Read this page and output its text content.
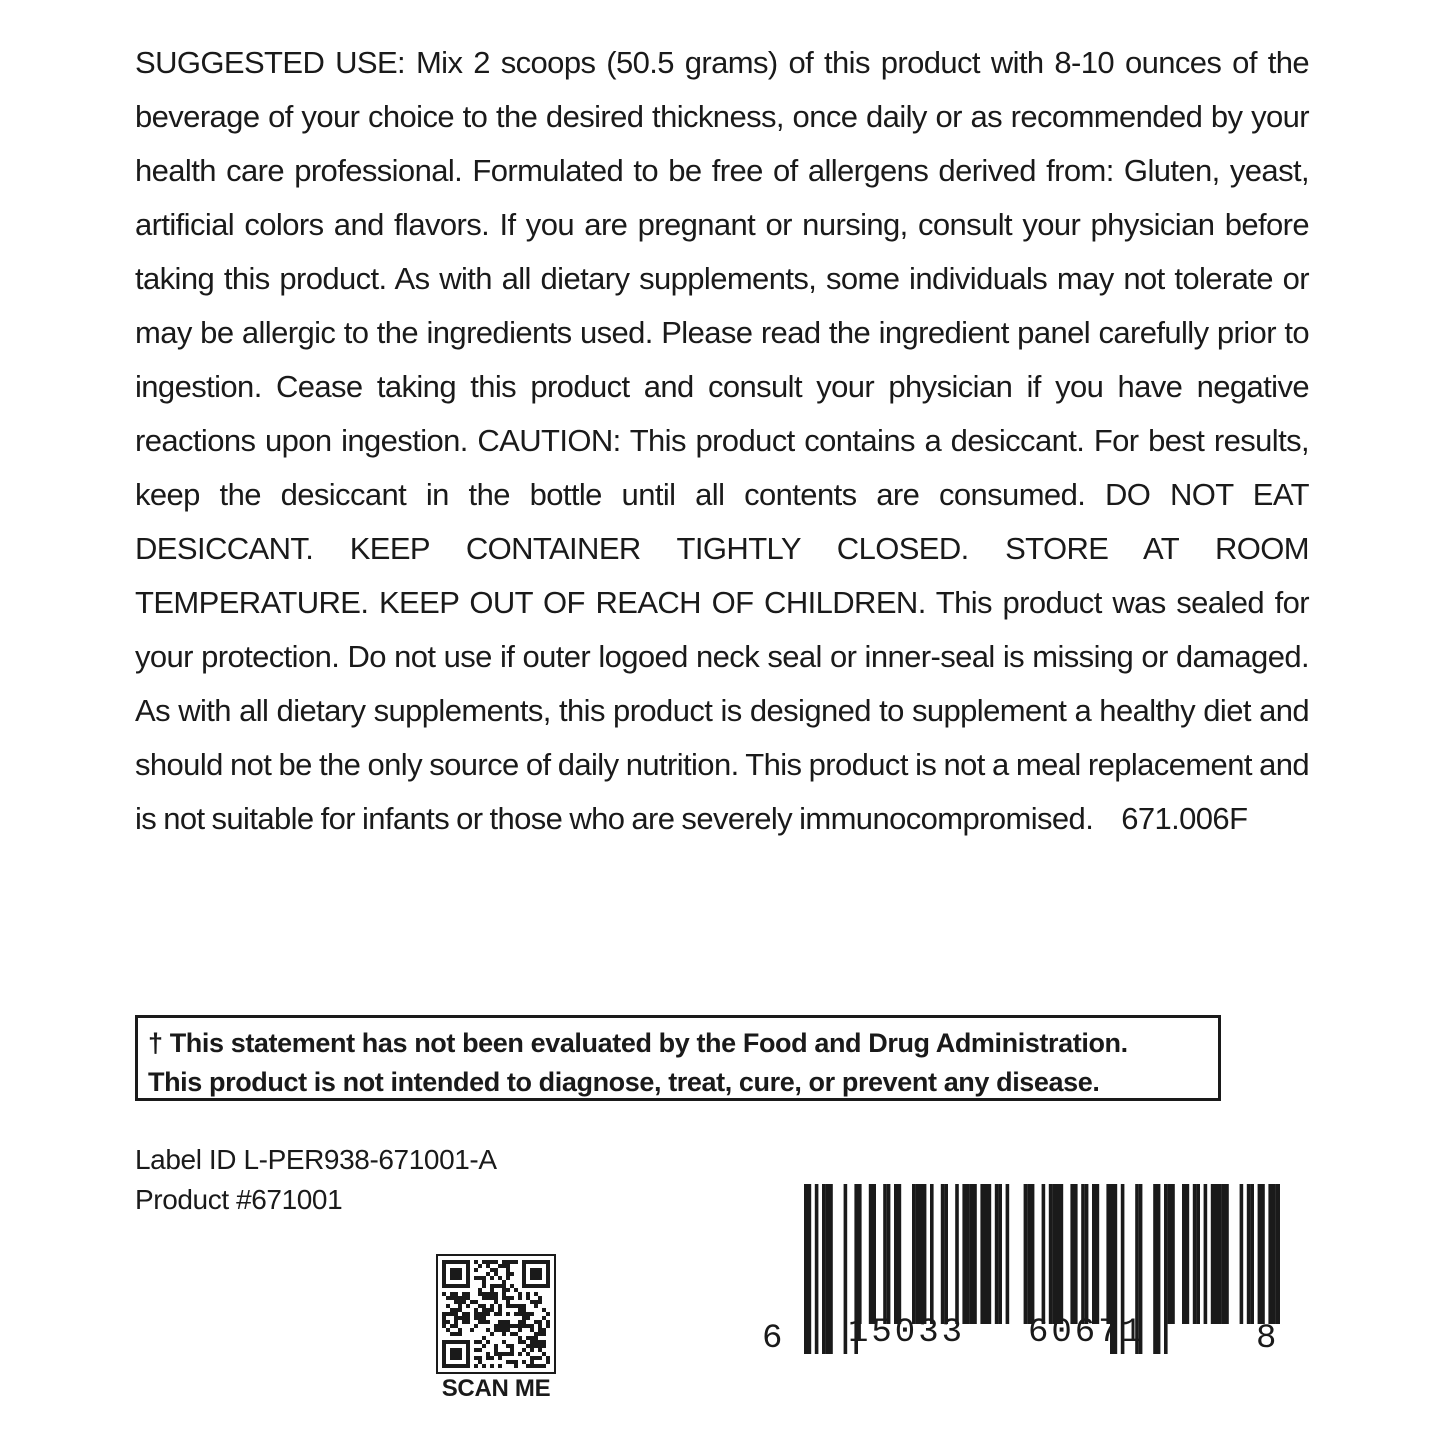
SUGGESTED USE: Mix 2 scoops (50.5 grams) of this product with 8-10 ounces of the beverage of your choice to the desired thickness, once daily or as recommended by your health care professional. Formulated to be free of allergens derived from: Gluten, yeast, artificial colors and flavors. If you are pregnant or nursing, consult your physician before taking this product. As with all dietary supplements, some individuals may not tolerate or may be allergic to the ingredients used. Please read the ingredient panel carefully prior to ingestion. Cease taking this product and consult your physician if you have negative reactions upon ingestion. CAUTION: This product contains a desiccant. For best results, keep the desiccant in the bottle until all contents are consumed. DO NOT EAT DESICCANT. KEEP CONTAINER TIGHTLY CLOSED. STORE AT ROOM TEMPERATURE. KEEP OUT OF REACH OF CHILDREN. This product was sealed for your protection. Do not use if outer logoed neck seal or inner-seal is missing or damaged. As with all dietary supplements, this product is designed to supplement a healthy diet and should not be the only source of daily nutrition. This product is not a meal replacement and is not suitable for infants or those who are severely immunocompromised. 671.006F

† This statement has not been evaluated by the Food and Drug Administration.
This product is not intended to diagnose, treat, cure, or prevent any disease.
Label ID L-PER938-671001-A
Product #671001
SCAN ME
6 15033 60671	8
